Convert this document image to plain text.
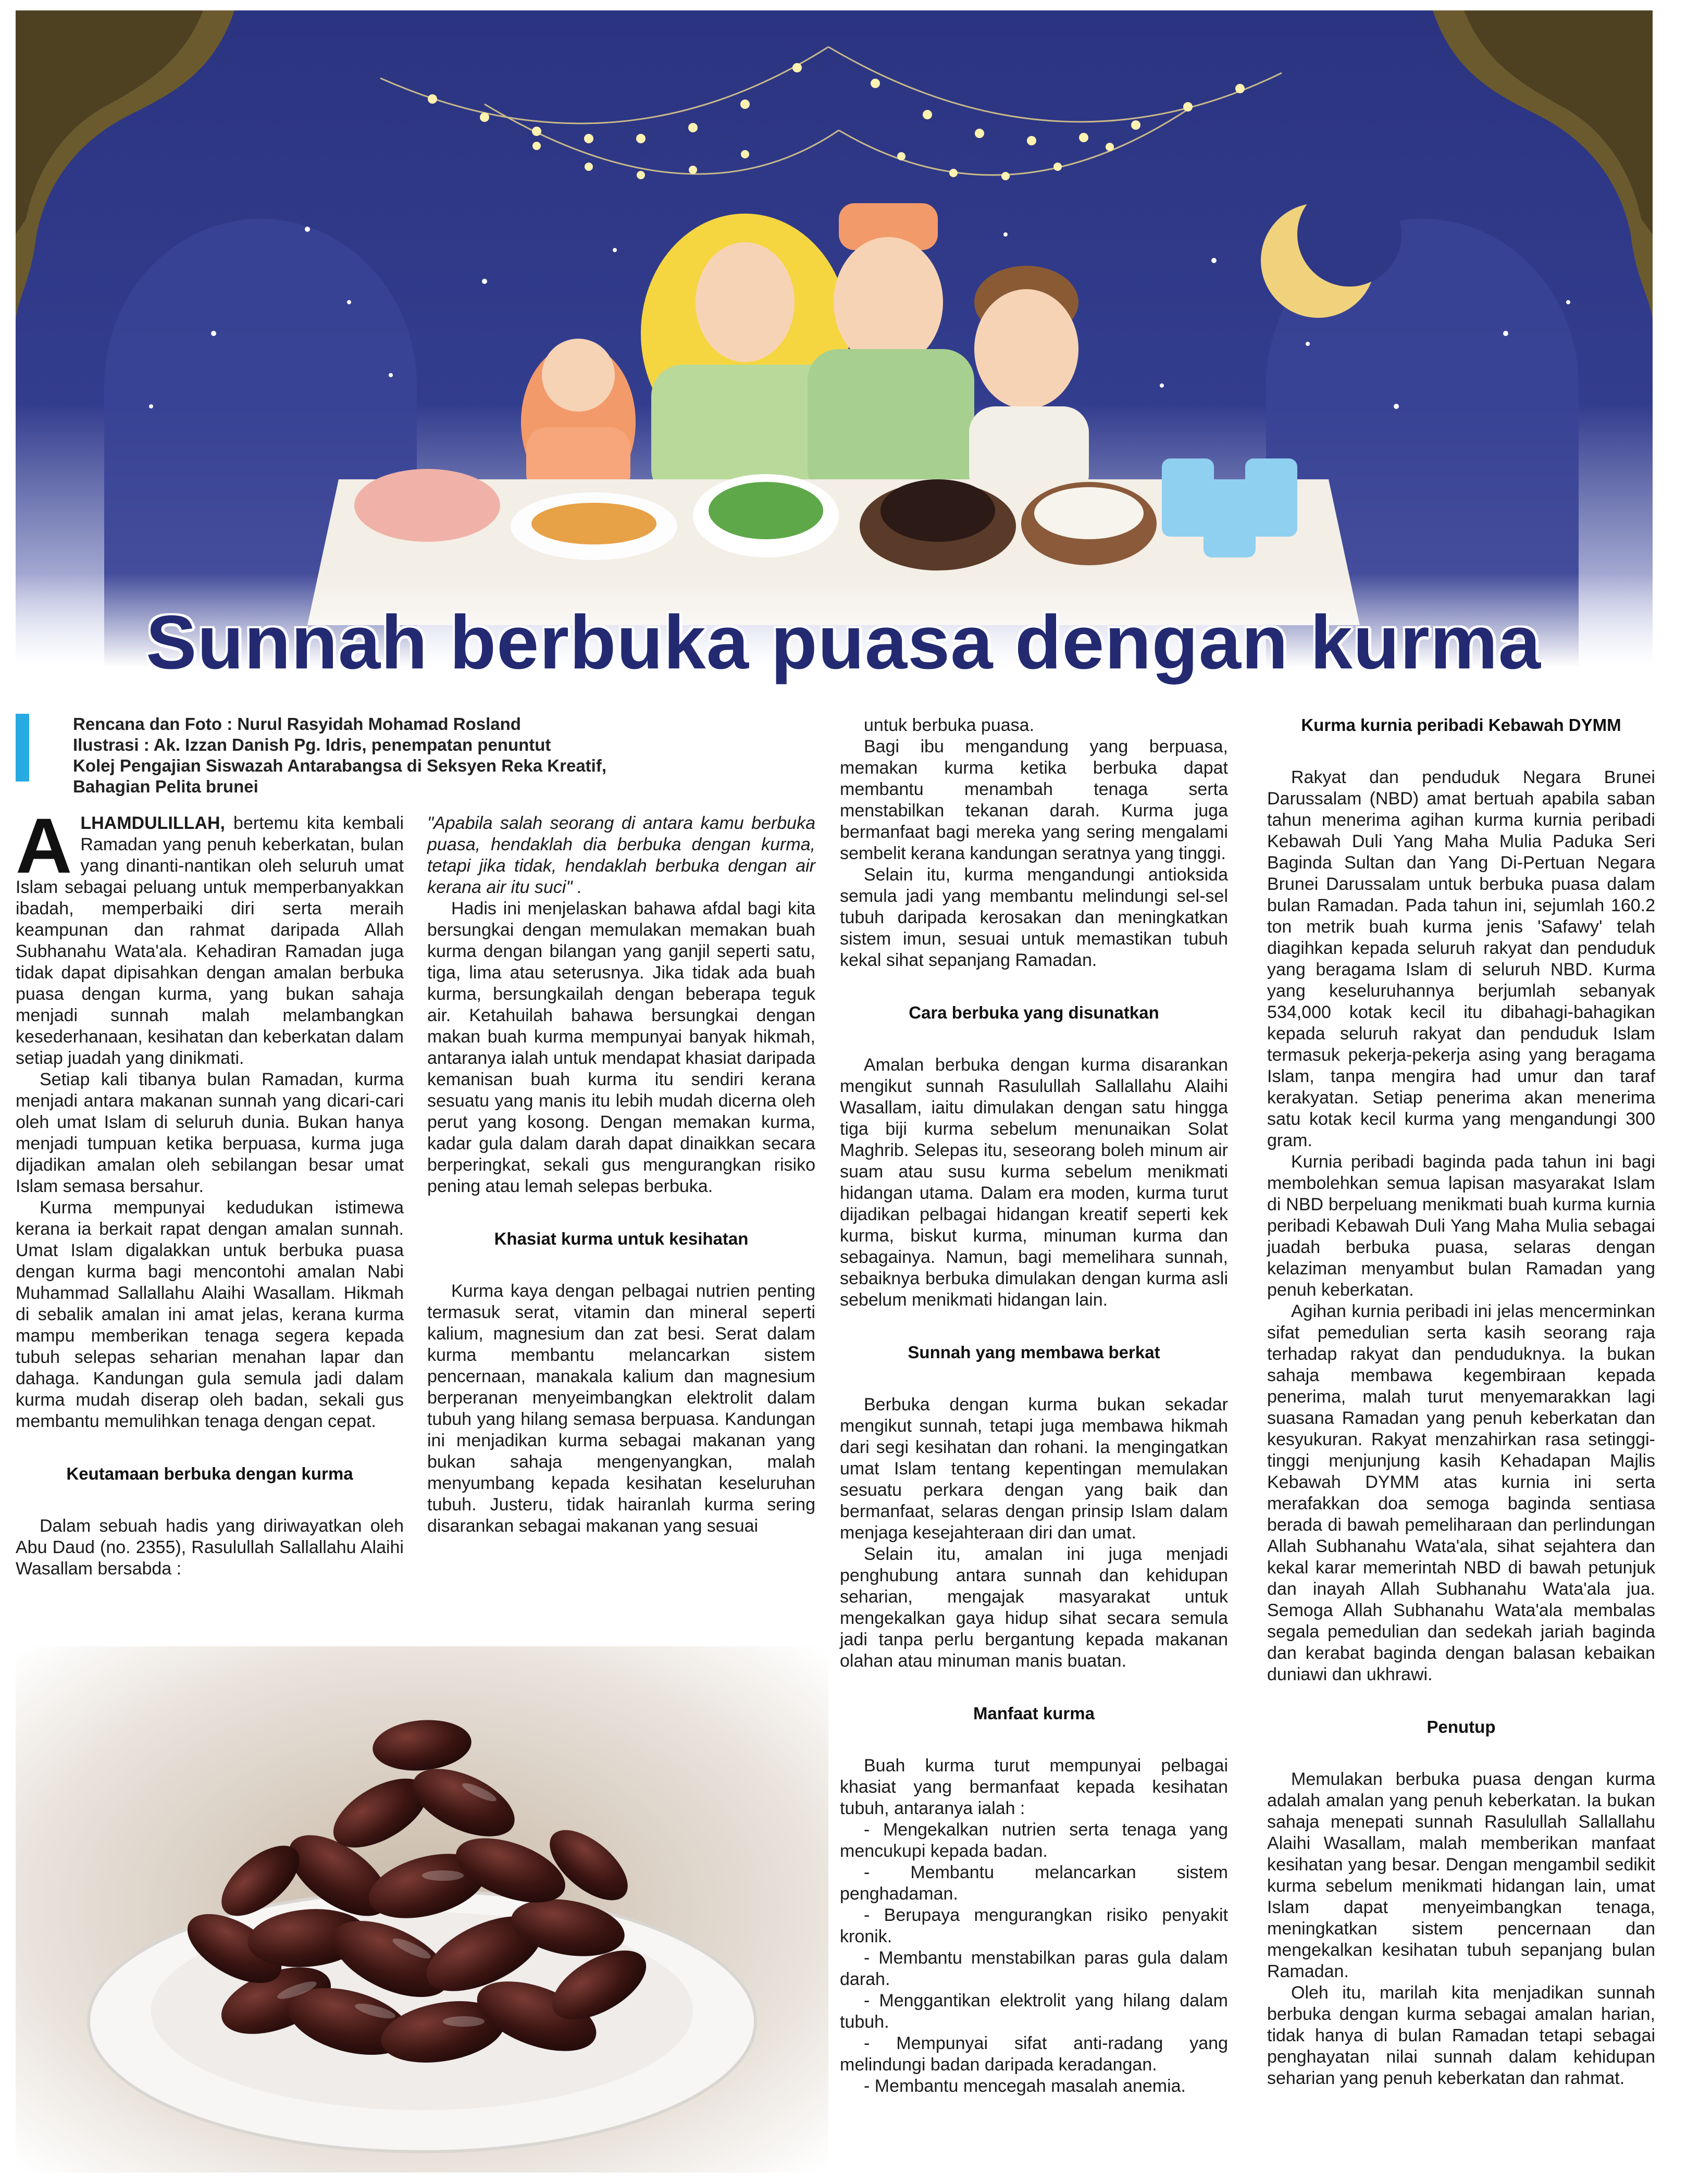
Sunnah berbuka puasa dengan kurma
Rencana dan Foto : Nurul Rasyidah Mohamad Rosland
Ilustrasi : Ak. Izzan Danish Pg. Idris, penempatan penuntut
Kolej Pengajian Siswazah Antarabangsa di Seksyen Reka Kreatif,
Bahagian Pelita brunei

ALHAMDULILLAH, bertemu kita kembali Ramadan yang penuh keberkatan, bulan yang dinanti-nantikan oleh seluruh umat Islam sebagai peluang untuk memperbanyakkan ibadah, memperbaiki diri serta meraih keampunan dan rahmat daripada Allah Subhanahu Wata'ala. Kehadiran Ramadan juga tidak dapat dipisahkan dengan amalan berbuka puasa dengan kurma, yang bukan sahaja menjadi sunnah malah melambangkan kesederhanaan, kesihatan dan keberkatan dalam setiap juadah yang dinikmati.

Setiap kali tibanya bulan Ramadan, kurma menjadi antara makanan sunnah yang dicari-cari oleh umat Islam di seluruh dunia. Bukan hanya menjadi tumpuan ketika berpuasa, kurma juga dijadikan amalan oleh sebilangan besar umat Islam semasa bersahur.

Kurma mempunyai kedudukan istimewa kerana ia berkait rapat dengan amalan sunnah. Umat Islam digalakkan untuk berbuka puasa dengan kurma bagi mencontohi amalan Nabi Muhammad Sallallahu Alaihi Wasallam. Hikmah di sebalik amalan ini amat jelas, kerana kurma mampu memberikan tenaga segera kepada tubuh selepas seharian menahan lapar dan dahaga. Kandungan gula semula jadi dalam kurma mudah diserap oleh badan, sekali gus membantu memulihkan tenaga dengan cepat.

Keutamaan berbuka dengan kurma

Dalam sebuah hadis yang diriwayatkan oleh Abu Daud (no. 2355), Rasulullah Sallallahu Alaihi Wasallam bersabda :

"Apabila salah seorang di antara kamu berbuka puasa, hendaklah dia berbuka dengan kurma, tetapi jika tidak, hendaklah berbuka dengan air kerana air itu suci" .

Hadis ini menjelaskan bahawa afdal bagi kita bersungkai dengan memulakan memakan buah kurma dengan bilangan yang ganjil seperti satu, tiga, lima atau seterusnya. Jika tidak ada buah kurma, bersungkailah dengan beberapa teguk air. Ketahuilah bahawa bersungkai dengan makan buah kurma mempunyai banyak hikmah, antaranya ialah untuk mendapat khasiat daripada kemanisan buah kurma itu sendiri kerana sesuatu yang manis itu lebih mudah dicerna oleh perut yang kosong. Dengan memakan kurma, kadar gula dalam darah dapat dinaikkan secara berperingkat, sekali gus mengurangkan risiko pening atau lemah selepas berbuka.

Khasiat kurma untuk kesihatan

Kurma kaya dengan pelbagai nutrien penting termasuk serat, vitamin dan mineral seperti kalium, magnesium dan zat besi. Serat dalam kurma membantu melancarkan sistem pencernaan, manakala kalium dan magnesium berperanan menyeimbangkan elektrolit dalam tubuh yang hilang semasa berpuasa. Kandungan ini menjadikan kurma sebagai makanan yang bukan sahaja mengenyangkan, malah menyumbang kepada kesihatan keseluruhan tubuh. Justeru, tidak hairanlah kurma sering disarankan sebagai makanan yang sesuai

untuk berbuka puasa.

Bagi ibu mengandung yang berpuasa, memakan kurma ketika berbuka dapat membantu menambah tenaga serta menstabilkan tekanan darah. Kurma juga bermanfaat bagi mereka yang sering mengalami sembelit kerana kandungan seratnya yang tinggi.

Selain itu, kurma mengandungi antioksida semula jadi yang membantu melindungi sel-sel tubuh daripada kerosakan dan meningkatkan sistem imun, sesuai untuk memastikan tubuh kekal sihat sepanjang Ramadan.

Cara berbuka yang disunatkan

Amalan berbuka dengan kurma disarankan mengikut sunnah Rasulullah Sallallahu Alaihi Wasallam, iaitu dimulakan dengan satu hingga tiga biji kurma sebelum menunaikan Solat Maghrib. Selepas itu, seseorang boleh minum air suam atau susu kurma sebelum menikmati hidangan utama. Dalam era moden, kurma turut dijadikan pelbagai hidangan kreatif seperti kek kurma, biskut kurma, minuman kurma dan sebagainya. Namun, bagi memelihara sunnah, sebaiknya berbuka dimulakan dengan kurma asli sebelum menikmati hidangan lain.

Sunnah yang membawa berkat

Berbuka dengan kurma bukan sekadar mengikut sunnah, tetapi juga membawa hikmah dari segi kesihatan dan rohani. Ia mengingatkan umat Islam tentang kepentingan memulakan sesuatu perkara dengan yang baik dan bermanfaat, selaras dengan prinsip Islam dalam menjaga kesejahteraan diri dan umat.

Selain itu, amalan ini juga menjadi penghubung antara sunnah dan kehidupan seharian, mengajak masyarakat untuk mengekalkan gaya hidup sihat secara semula jadi tanpa perlu bergantung kepada makanan olahan atau minuman manis buatan.

Manfaat kurma

Buah kurma turut mempunyai pelbagai khasiat yang bermanfaat kepada kesihatan tubuh, antaranya ialah :

- Mengekalkan nutrien serta tenaga yang mencukupi kepada badan.

- Membantu melancarkan sistem penghadaman.

- Berupaya mengurangkan risiko penyakit kronik.

- Membantu menstabilkan paras gula dalam darah.

- Menggantikan elektrolit yang hilang dalam tubuh.

- Mempunyai sifat anti-radang yang melindungi badan daripada keradangan.

- Membantu mencegah masalah anemia.

Kurma kurnia peribadi Kebawah DYMM

Rakyat dan penduduk Negara Brunei Darussalam (NBD) amat bertuah apabila saban tahun menerima agihan kurma kurnia peribadi Kebawah Duli Yang Maha Mulia Paduka Seri Baginda Sultan dan Yang Di-Pertuan Negara Brunei Darussalam untuk berbuka puasa dalam bulan Ramadan. Pada tahun ini, sejumlah 160.2 ton metrik buah kurma jenis 'Safawy' telah diagihkan kepada seluruh rakyat dan penduduk yang beragama Islam di seluruh NBD. Kurma yang keseluruhannya berjumlah sebanyak 534,000 kotak kecil itu dibahagi-bahagikan kepada seluruh rakyat dan penduduk Islam termasuk pekerja-pekerja asing yang beragama Islam, tanpa mengira had umur dan taraf kerakyatan. Setiap penerima akan menerima satu kotak kecil kurma yang mengandungi 300 gram.

Kurnia peribadi baginda pada tahun ini bagi membolehkan semua lapisan masyarakat Islam di NBD berpeluang menikmati buah kurma kurnia peribadi Kebawah Duli Yang Maha Mulia sebagai juadah berbuka puasa, selaras dengan kelaziman menyambut bulan Ramadan yang penuh keberkatan.

Agihan kurnia peribadi ini jelas mencerminkan sifat pemedulian serta kasih seorang raja terhadap rakyat dan penduduknya. Ia bukan sahaja membawa kegembiraan kepada penerima, malah turut menyemarakkan lagi suasana Ramadan yang penuh keberkatan dan kesyukuran. Rakyat menzahirkan rasa setinggi-tinggi menjunjung kasih Kehadapan Majlis Kebawah DYMM atas kurnia ini serta merafakkan doa semoga baginda sentiasa berada di bawah pemeliharaan dan perlindungan Allah Subhanahu Wata'ala, sihat sejahtera dan kekal karar memerintah NBD di bawah petunjuk dan inayah Allah Subhanahu Wata'ala jua. Semoga Allah Subhanahu Wata'ala membalas segala pemedulian dan sedekah jariah baginda dan kerabat baginda dengan balasan kebaikan duniawi dan ukhrawi.

Penutup

Memulakan berbuka puasa dengan kurma adalah amalan yang penuh keberkatan. Ia bukan sahaja menepati sunnah Rasulullah Sallallahu Alaihi Wasallam, malah memberikan manfaat kesihatan yang besar. Dengan mengambil sedikit kurma sebelum menikmati hidangan lain, umat Islam dapat menyeimbangkan tenaga, meningkatkan sistem pencernaan dan mengekalkan kesihatan tubuh sepanjang bulan Ramadan.

Oleh itu, marilah kita menjadikan sunnah berbuka dengan kurma sebagai amalan harian, tidak hanya di bulan Ramadan tetapi sebagai penghayatan nilai sunnah dalam kehidupan seharian yang penuh keberkatan dan rahmat.
